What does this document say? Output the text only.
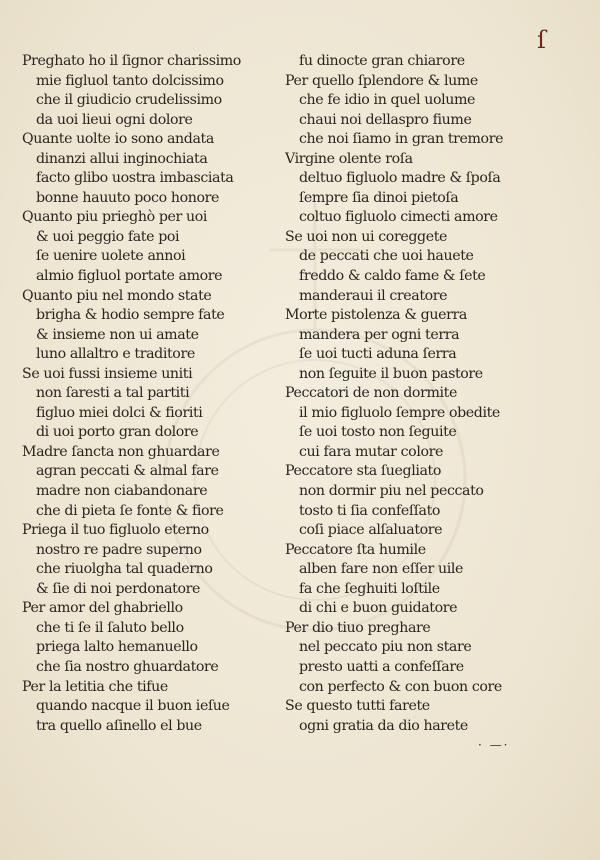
ſ
Preghato ho il ſignor charissimo
mie figluol tanto dolcissimo
che il giudicio crudelissimo
da uoi lieui ogni dolore
Quante uolte io sono andata
dinanzi allui inginochiata
facto glibo uostra imbasciata
bonne hauuto poco honore
Quanto piu prieghò per uoi
& uoi peggio fate poi
ſe uenire uolete annoi
almio figluol portate amore
Quanto piu nel mondo state
brigha & hodio sempre fate
& insieme non ui amate
luno allaltro e traditore
Se uoi fussi insieme uniti
non ſaresti a tal partiti
figluo miei dolci & fioriti
di uoi porto gran dolore
Madre ſancta non ghuardare
agran peccati & almal fare
madre non ciabandonare
che di pieta ſe fonte & fiore
Priega il tuo figluolo eterno
nostro re padre superno
che riuolgha tal quaderno
& ſie di noi perdonatore
Per amor del ghabriello
che ti ſe il ſaluto bello
priega lalto hemanuello
che ſia nostro ghuardatore
Per la letitia che tifue
quando nacque il buon ieſue
tra quello aſinello el bue
fu dinocte gran chiarore
Per quello ſplendore & lume
che fe idio in quel uolume
chaui noi dellaspro fiume
che noi ſiamo in gran tremore
Virgine olente roſa
deltuo figluolo madre & ſpoſa
ſempre ſia dinoi pietoſa
coltuo figluolo cimecti amore
Se uoi non ui coreggete
de peccati che uoi hauete
freddo & caldo fame & ſete
manderaui il creatore
Morte pistolenza & guerra
mandera per ogni terra
ſe uoi tucti aduna ſerra
non ſeguite il buon pastore
Peccatori de non dormite
il mio figluolo ſempre obedite
ſe uoi tosto non ſeguite
cui fara mutar colore
Peccatore sta ſuegliato
non dormir piu nel peccato
tosto ti ſia confeſſato
coſi piace alſaluatore
Peccatore ſta humile
alben fare non eſſer uile
fa che ſeghuiti loſtile
di chi e buon guidatore
Per dio tiuo preghare
nel peccato piu non stare
presto uatti a confeſſare
con perfecto & con buon core
Se questo tutti farete
ogni gratia da dio harete
· —·
